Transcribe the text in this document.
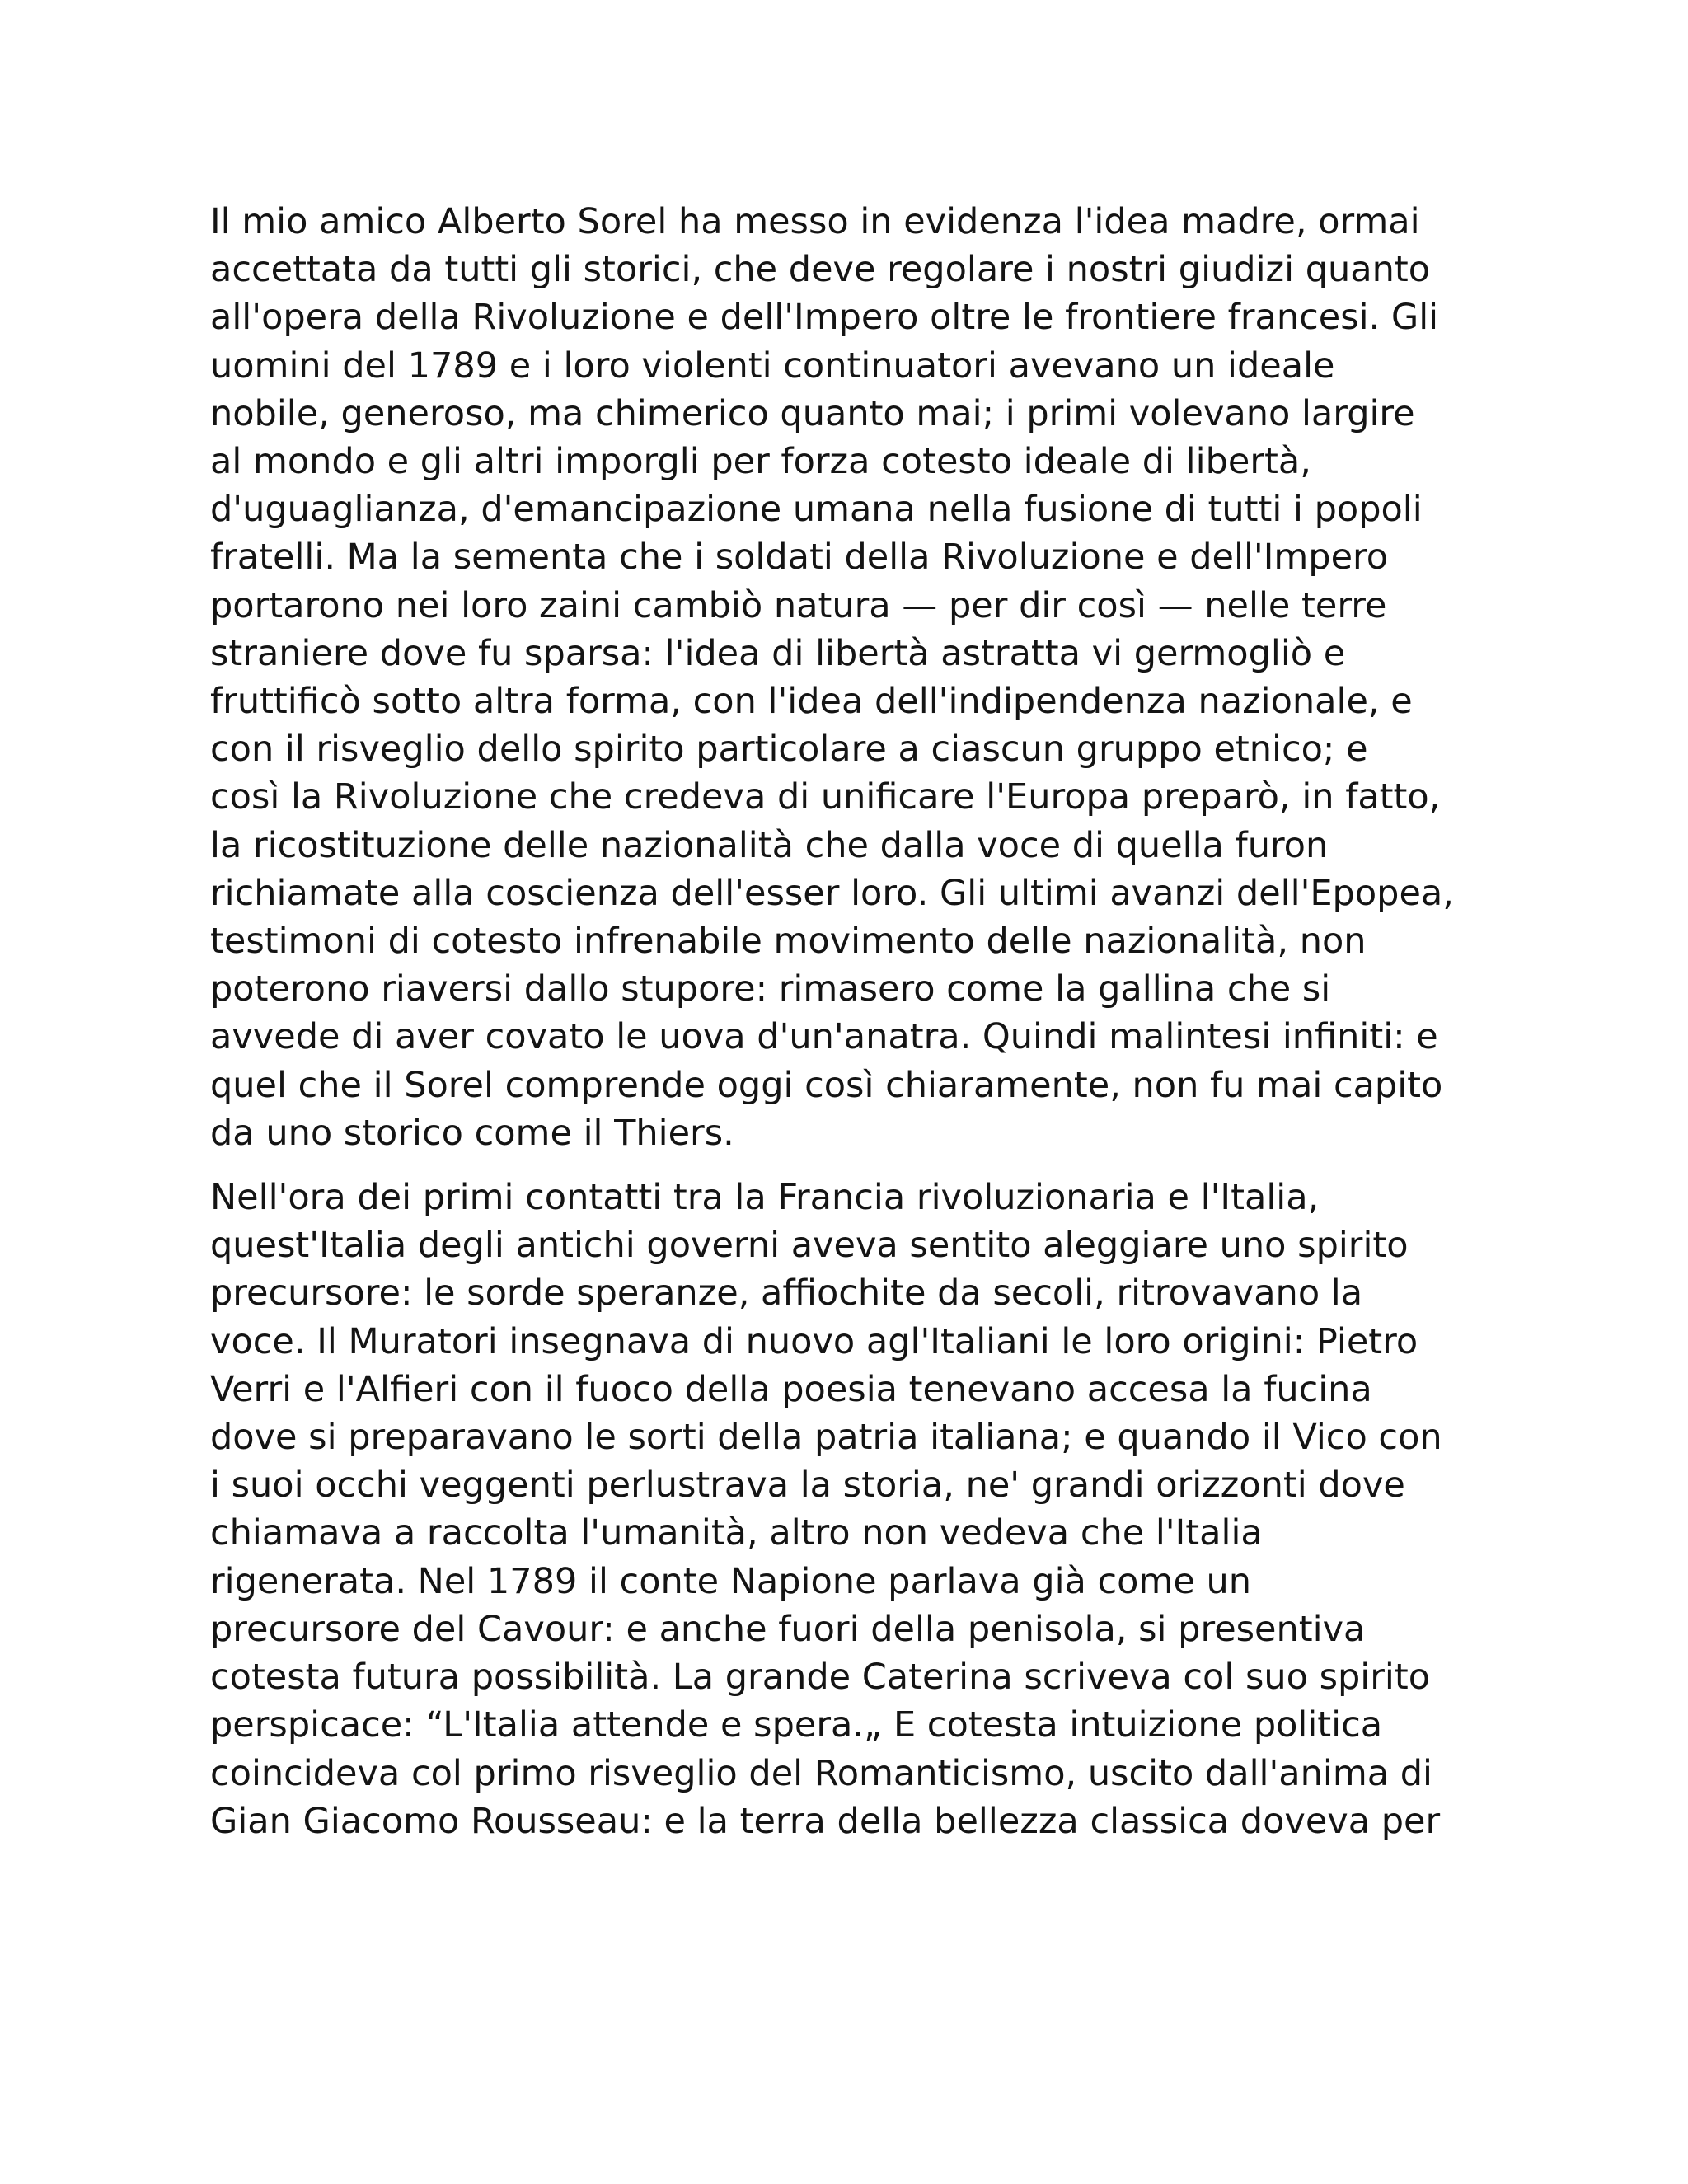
Il mio amico Alberto Sorel ha messo in evidenza l'idea madre, ormai
accettata da tutti gli storici, che deve regolare i nostri giudizi quanto
all'opera della Rivoluzione e dell'Impero oltre le frontiere francesi. Gli
uomini del 1789 e i loro violenti continuatori avevano un ideale
nobile, generoso, ma chimerico quanto mai; i primi volevano largire
al mondo e gli altri imporgli per forza cotesto ideale di libertà,
d'uguaglianza, d'emancipazione umana nella fusione di tutti i popoli
fratelli. Ma la sementa che i soldati della Rivoluzione e dell'Impero
portarono nei loro zaini cambiò natura — per dir così — nelle terre
straniere dove fu sparsa: l'idea di libertà astratta vi germogliò e
fruttificò sotto altra forma, con l'idea dell'indipendenza nazionale, e
con il risveglio dello spirito particolare a ciascun gruppo etnico; e
così la Rivoluzione che credeva di unificare l'Europa preparò, in fatto,
la ricostituzione delle nazionalità che dalla voce di quella furon
richiamate alla coscienza dell'esser loro. Gli ultimi avanzi dell'Epopea,
testimoni di cotesto infrenabile movimento delle nazionalità, non
poterono riaversi dallo stupore: rimasero come la gallina che si
avvede di aver covato le uova d'un'anatra. Quindi malintesi infiniti: e
quel che il Sorel comprende oggi così chiaramente, non fu mai capito
da uno storico come il Thiers.
Nell'ora dei primi contatti tra la Francia rivoluzionaria e l'Italia,
quest'Italia degli antichi governi aveva sentito aleggiare uno spirito
precursore: le sorde speranze, affiochite da secoli, ritrovavano la
voce. Il Muratori insegnava di nuovo agl'Italiani le loro origini: Pietro
Verri e l'Alfieri con il fuoco della poesia tenevano accesa la fucina
dove si preparavano le sorti della patria italiana; e quando il Vico con
i suoi occhi veggenti perlustrava la storia, ne' grandi orizzonti dove
chiamava a raccolta l'umanità, altro non vedeva che l'Italia
rigenerata. Nel 1789 il conte Napione parlava già come un
precursore del Cavour: e anche fuori della penisola, si presentiva
cotesta futura possibilità. La grande Caterina scriveva col suo spirito
perspicace: “L'Italia attende e spera.„ E cotesta intuizione politica
coincideva col primo risveglio del Romanticismo, uscito dall'anima di
Gian Giacomo Rousseau: e la terra della bellezza classica doveva per
